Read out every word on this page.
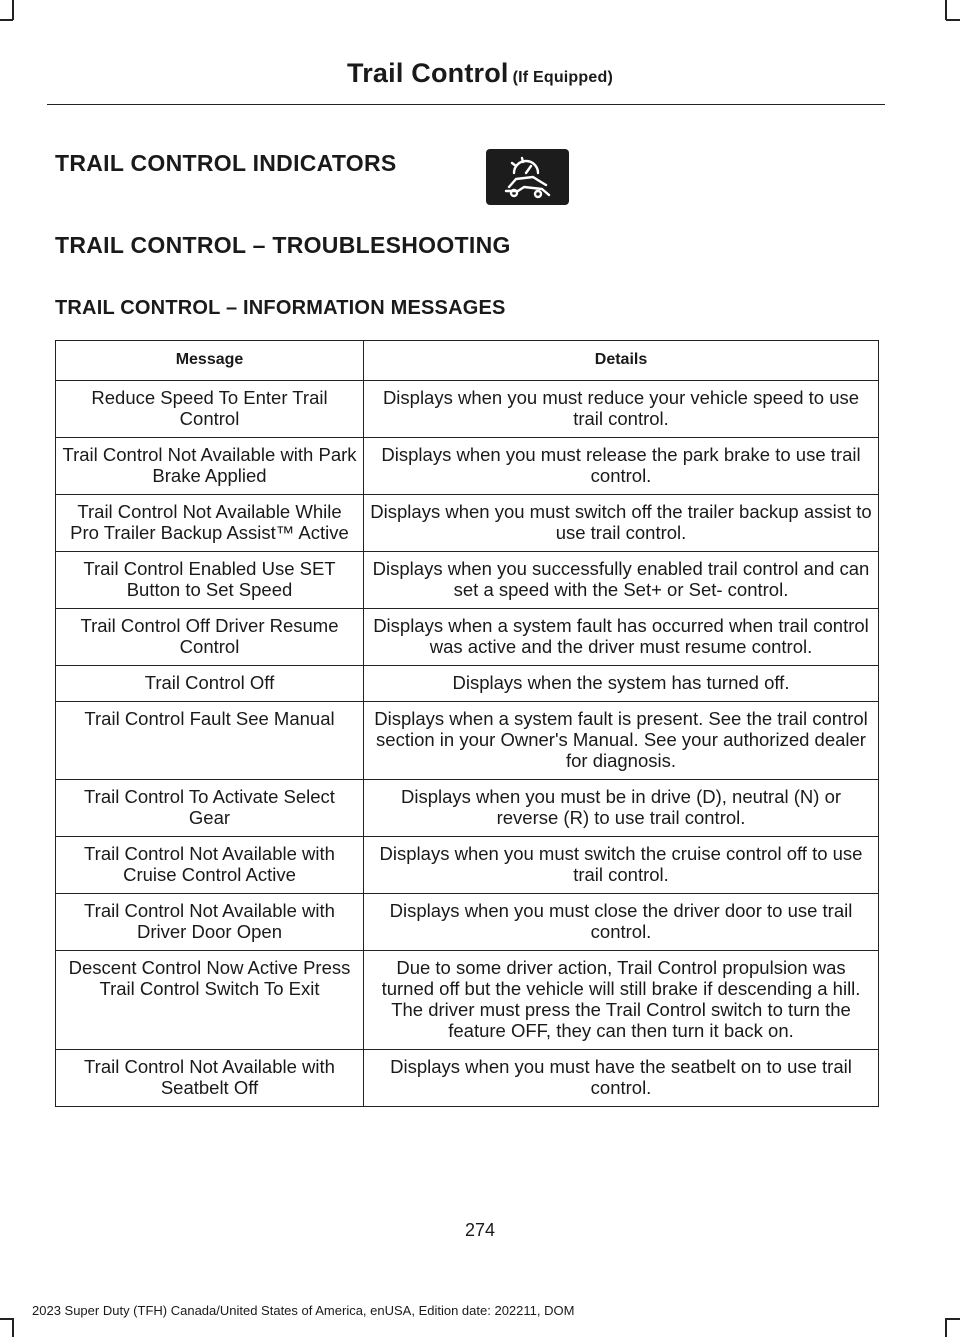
Trail Control (If Equipped)
TRAIL CONTROL INDICATORS
TRAIL CONTROL – TROUBLESHOOTING
TRAIL CONTROL – INFORMATION MESSAGES
Message	Details
Reduce Speed To Enter Trail Control	Displays when you must reduce your vehicle speed to use trail control.
Trail Control Not Available with Park Brake Applied	Displays when you must release the park brake to use trail control.
Trail Control Not Available While Pro Trailer Backup Assist™ Active	Displays when you must switch off the trailer backup assist to use trail control.
Trail Control Enabled Use SET Button to Set Speed	Displays when you successfully enabled trail control and can set a speed with the Set+ or Set- control.
Trail Control Off Driver Resume Control	Displays when a system fault has occurred when trail control was active and the driver must resume control.
Trail Control Off	Displays when the system has turned off.
Trail Control Fault See Manual	Displays when a system fault is present. See the trail control section in your Owner's Manual. See your authorized dealer for diagnosis.
Trail Control To Activate Select Gear	Displays when you must be in drive (D), neutral (N) or reverse (R) to use trail control.
Trail Control Not Available with Cruise Control Active	Displays when you must switch the cruise control off to use trail control.
Trail Control Not Available with Driver Door Open	Displays when you must close the driver door to use trail control.
Descent Control Now Active Press Trail Control Switch To Exit	Due to some driver action, Trail Control propulsion was turned off but the vehicle will still brake if descending a hill. The driver must press the Trail Control switch to turn the feature OFF, they can then turn it back on.
Trail Control Not Available with Seatbelt Off	Displays when you must have the seatbelt on to use trail control.
274
2023 Super Duty (TFH) Canada/United States of America, enUSA, Edition date: 202211, DOM
